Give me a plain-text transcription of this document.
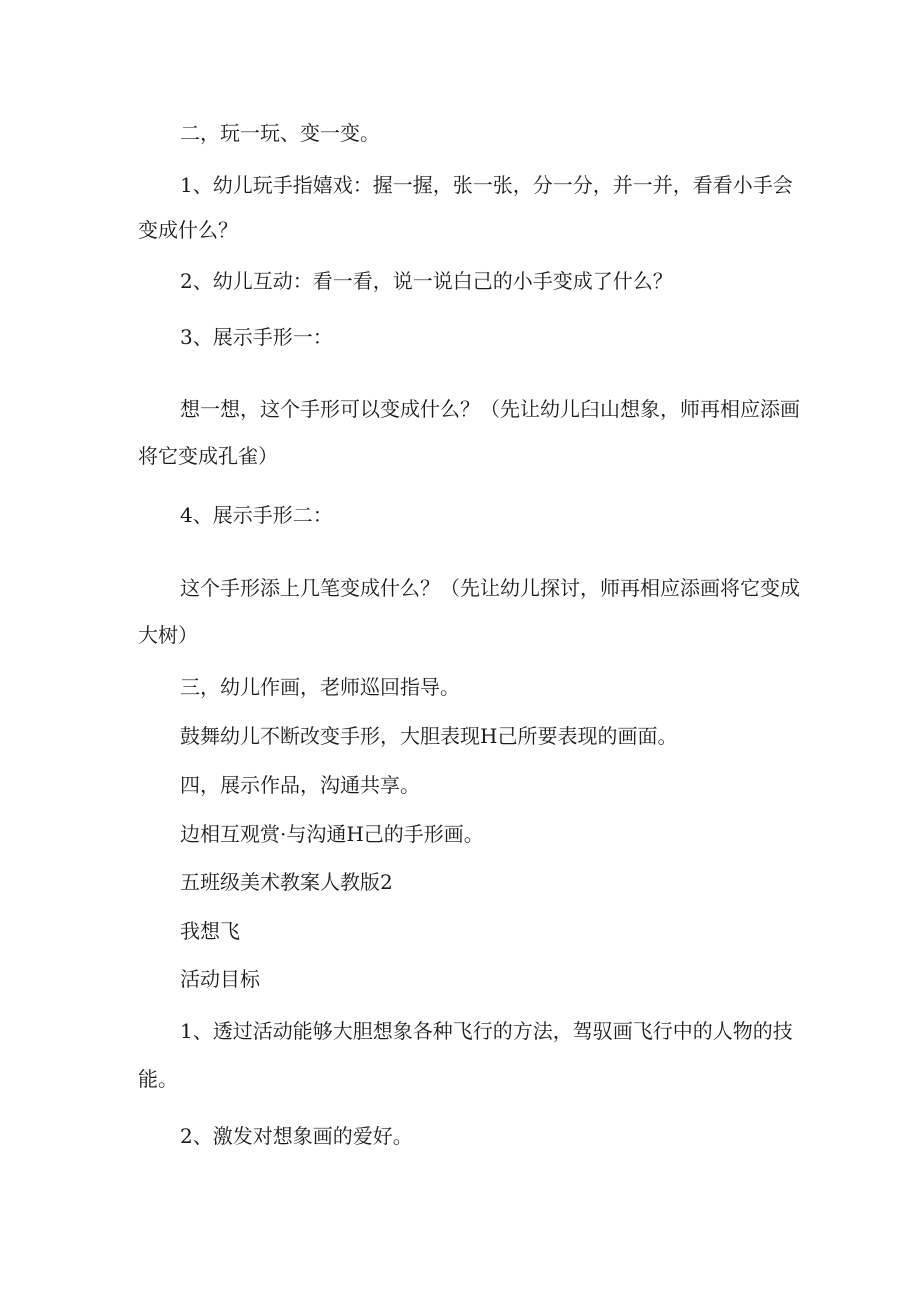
二，玩一玩、变一变。
1、幼儿玩手指嬉戏：握一握，张一张，分一分，并一并，看看小手会
变成什么？
2、幼儿互动：看一看，说一说白己的小手变成了什么？
3、展示手形一：
想一想，这个手形可以变成什么？（先让幼儿臼山想象，师再相应添画
将它变成孔雀）
4、展示手形二：
这个手形添上几笔变成什么？（先让幼儿探讨，师再相应添画将它变成
大树）
三，幼儿作画，老师巡回指导。
鼓舞幼儿不断改变手形，大胆表现H己所要表现的画面。
四，展示作品，沟通共享。
边相互观赏·与沟通H己的手形画。
五班级美术教案人教版2
我想飞
活动目标
1、透过活动能够大胆想象各种飞行的方法，驾驭画飞行中的人物的技
能。
2、激发对想象画的爱好。
